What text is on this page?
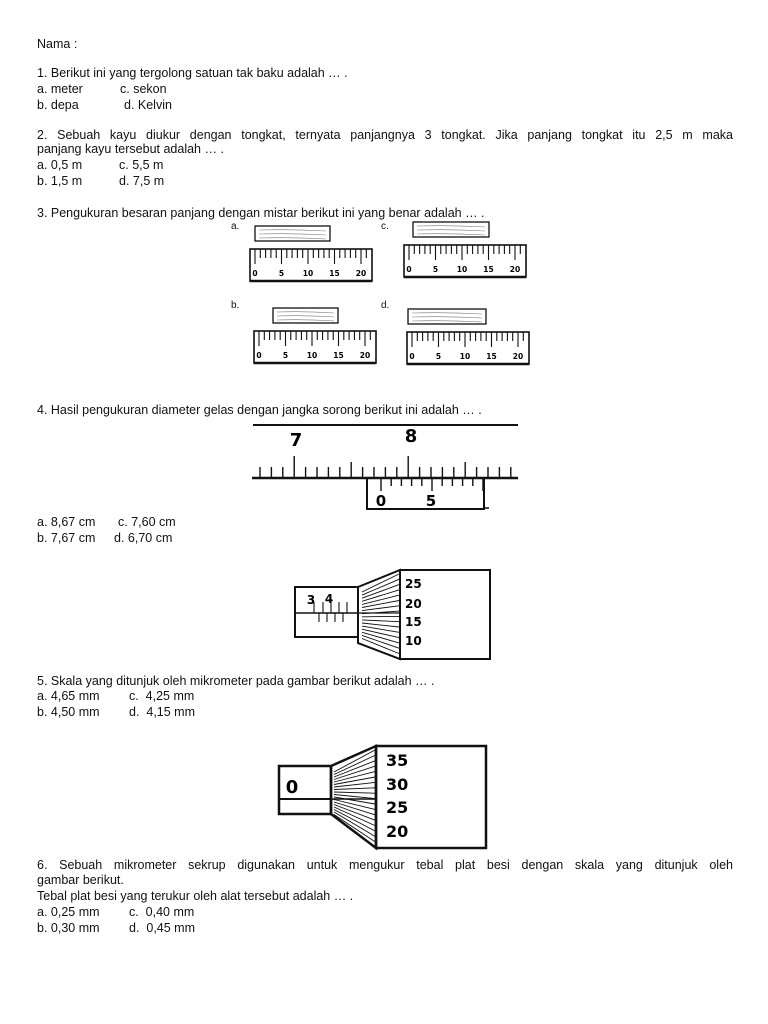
Nama :
1. Berikut ini yang tergolong satuan tak baku adalah … .
a. meter	c. sekon
b. depa	d. Kelvin
2. Sebuah kayu diukur dengan tongkat, ternyata panjangnya 3 tongkat. Jika panjang tongkat itu 2,5 m maka
panjang kayu tersebut adalah … .
a. 0,5 m	c. 5,5 m
b. 1,5 m	d. 7,5 m
3. Pengukuran besaran panjang dengan mistar berikut ini yang benar adalah … .
a.	c.
b.	d.
0	5 10 15 20	0	5 10 15 20
0	5 10 15 20	0	5 10 15 20
4. Hasil pengukuran diameter gelas dengan jangka sorong berikut ini adalah … .
7	8
0	5
a. 8,67 cm c. 7,60 cm
b. 7,67 cm d. 6,70 cm
3 4
25
20
15
10
5. Skala yang ditunjuk oleh mikrometer pada gambar berikut adalah … .
a. 4,65 mm c.  4,25 mm
b. 4,50 mm d.  4,15 mm
0
35
30
25
20
6. Sebuah mikrometer sekrup digunakan untuk mengukur tebal plat besi dengan skala yang ditunjuk oleh
gambar berikut.
Tebal plat besi yang terukur oleh alat tersebut adalah … .
a. 0,25 mm c.  0,40 mm
b. 0,30 mm d.  0,45 mm
